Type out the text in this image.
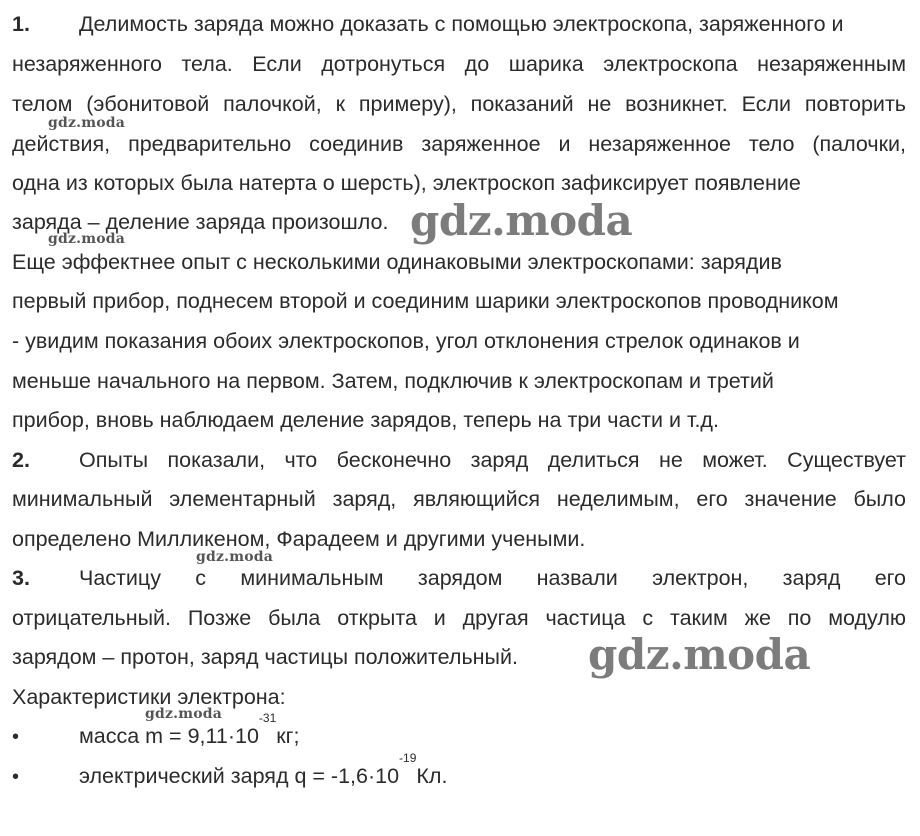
1. Делимость заряда можно доказать с помощью электроскопа, заряженного и
незаряженного тела. Если дотронуться до шарика электроскопа незаряженным
телом (эбонитовой палочкой, к примеру), показаний не возникнет. Если повторить
действия, предварительно соединив заряженное и незаряженное тело (палочки,
одна из которых была натерта о шерсть), электроскоп зафиксирует появление
заряда – деление заряда произошло.
Еще эффектнее опыт с несколькими одинаковыми электроскопами: зарядив
первый прибор, поднесем второй и соединим шарики электроскопов проводником
- увидим показания обоих электроскопов, угол отклонения стрелок одинаков и
меньше начального на первом. Затем, подключив к электроскопам и третий
прибор, вновь наблюдаем деление зарядов, теперь на три части и т.д.
2. Опыты показали, что бесконечно заряд делиться не может. Существует
минимальный элементарный заряд, являющийся неделимым, его значение было
определено Милликеном, Фарадеем и другими учеными.
3. Частицу с минимальным зарядом назвали электрон, заряд его
отрицательный. Позже была открыта и другая частица с таким же по модулю
зарядом – протон, заряд частицы положительный.
Характеристики электрона:
•	масса $m = 9,11\cdot 10^{-31}кг$;
•	электрический заряд $q = -1,6\cdot 10^{-19}Кл$.
gdz.moda
gdz.moda
gdz.moda
gdz.moda
gdz.moda
gdz.moda
